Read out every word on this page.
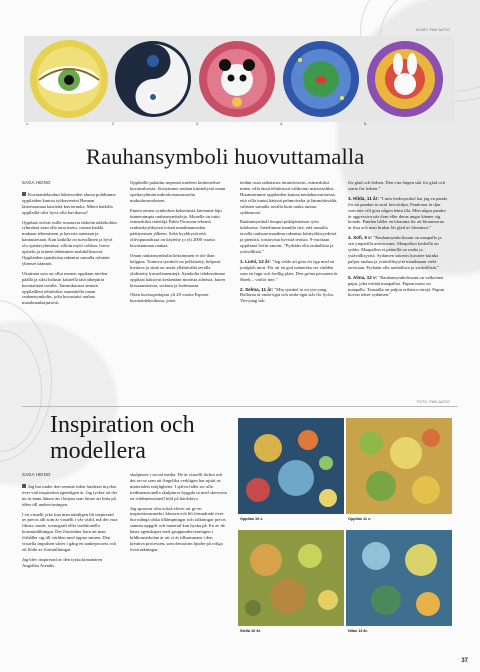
KUVAT: PASI AUTIO
1.	2.	3.	4.	5.
Rauhansymboli huovuttamalla

SAGA HEINO

Kuvataidekoulun lukuvuoden alussa pohdimme oppilaiden kanssa työkavereini Hennan lastenraamaa käsitettä kuvioruoka. Miten kaikilla oppilailla olisi hyvä olla kuvikassa?

Oppilaat ottivat esille seuraavia tärkeitä näkökohtia: ryhmässä saan olla oma itseni, ostaan kaikki mukaan tekemiseen ja kaveria autetaan ja kannustetaan. Kun kaikilla on turvallinen ja hyvä olo opettavyhmässä, silloin myös rohkea, luova ajattelu ja taiteen tekeminen mahdollistuvat. Oppilaiden ajatuksista rakentui samalla ryhmän yhteiset säännöt.

Ukrainan sota on ollut monen oppilaan mielen päällä ja siksi halusin käsitellä tätä aihepiiriä kuvataiteen tavalla. Tammikuussa annoin oppilailleni tehtäväksi suunnitella oman rauhansymbolin, joka kuvastaisi rauhaa maailmanlaajuisesti.

Oppilaille palattiin nopeasti mieleen keskeneliset kuvateahoista. Siistyimme rauhan käsittelystä oman opettavyhmän mikrokosmosmoolta makrokosmokseen.

Ennen omien symbolien keksimistä kävimme läpi tunnetuimpia rauhansymboleja. Monelle on tuttu esimerkiksi taiteilija Pablo Picasson tekemä rauhankyyhkynen toisen maailmansodan päättymisen jälkeen. Sekä kyyhkystä että oliivipuunoksaa on käytetty jo yli 2000 vuotta kuvastamaan rauhaa.

Oman rauhansymbolin keksiminen ei ole ihan helppoa. Toimiva symboli on pelkistetty, helposti luettava ja siinä on usein yllättävältä tavalla yhdistetty kuvaelementtejä. Symbolia tehdessämme oppilaat haksivat keskenään monista aiheista, kuten kissaaamisesta, sodasta ja kodemasta.

Oken kuvisopettajani yli 20 vuotta Espoon kuvataidekoulussa, joten

tiedän osan ratkaisista intuitiivisesti, esimerkiksi miten villa tässä tehtävässä valikoitui materiaaliksi. Huomasimme oppilaiden kanssa neulahuovuttaessa, että villa tuntui käsissä pehmoiselta ja lämmittävältä, välisten samalla tavalla kuin rauha tuntuu sydämessä.

Rauhansymboli huopui pitkäjänteisen työn tuloksena. Jaetelimme tunnilla sitä, että samalla tavalla rauhaan maailma rakentaa käsityöläisyydestä ja pienistä, toistuvista hyvistä teoista. 9-vuotiaan oppilaani Sofin sanoin: "Pyrkään olla rauhallisia ja ystävällisiä."

1. Lumi, 12 år: "Jag valde att göra ett öga med en jordglob inuti. För att en god människa ser världen som en lugn och fredlig plats. Den gröna personen är Shrek – varför inte."

2. Selma, 11 år: "Min symbol är en yin-yang. Bollarna är onda-ögat och onda-ögat står för lycka. Yin-yang står

för glad och ledsen. Den vita färgen står för glad och starta för ledsen."

3. Hilda, 11 år: "I min fredssymbol har jag en panda för att pandan är snitt favoritdjur. Pandorna är djur som inte vill göra någon hämt illa. Men några pandor är aggressiva när dom eller deras ungar känner sig hotade. Pandan håller en blomma för att blommorna är fina och man brukar bli glad av blommor."

4. Sofi, 9 v: "Rauhansymbolissani on maapallo ja sen ympärillä universumi. Maapallon keskellä on sydän. Maapallon ei pääsellä on rauha ja ystävällisyyttä. Sydämen suureus kuvaiee kuinka paljon rauhaa ja ystävällisyyttä maailmaan vielä tarvitaan. Pyrkään olla rauhallisia ja ystävällisiä."

5. Alma, 12 v: "Rauhansymbolissani on valkoinen papu, joka esittää maapalloa. Pupun maso on maapallo. Taustalla on paljon erilaisia värejä. Pupun korvat tekee sydämen."

FOTO: PASI AUTIO
Inspiration och
modellera

SAGA HEINO

Jag har under den senaste tiden funderat mycket över vad inspiration egentligen är. Jag tycker att det nu är ännu lättare än i början som lärare att hitta på idéer till undervisningen.

I en visuellt yrke kan man nämligen bli inspirerad av precis allt som är visuellt i vår värld, må det vara filmer, mode, scenografi eller traditionella konstuttällningar. Det förutsätter bara att man förhåller sig till världen med öppna sinnen. Den visuella impulsen sätter i gång en tankeprocess och ett flöde av föreställningar.

Jag blev inspirerad av den tyska konstnären Angelika Arendts

skulpturer i social media. De är visuellt läckra och det ser ut som att Angelika verkligen har njutit av materialets möjligheter. I själva fallet ser alla tredimensionella skulpturer byggda ut med skevrotta en tvådimensionell bild på härdskiva.

Jag spoorrar ofta också elever att ge en inspirationsrunda i klassen och bli förundrade över hur många olika tillämpningar och tolkningar precis samma uppgift och material kan byska på. En av de bästa egenskaper med gruppundervisningen i bildkonstskolan är att vi är tillsammans i den kreativa processen, som dessutom hjuder på roliga överraskningar.

Oppilas 10 v.	Oppilas 11 v.
Stella 10 år.	Nilas 13 år.
37
